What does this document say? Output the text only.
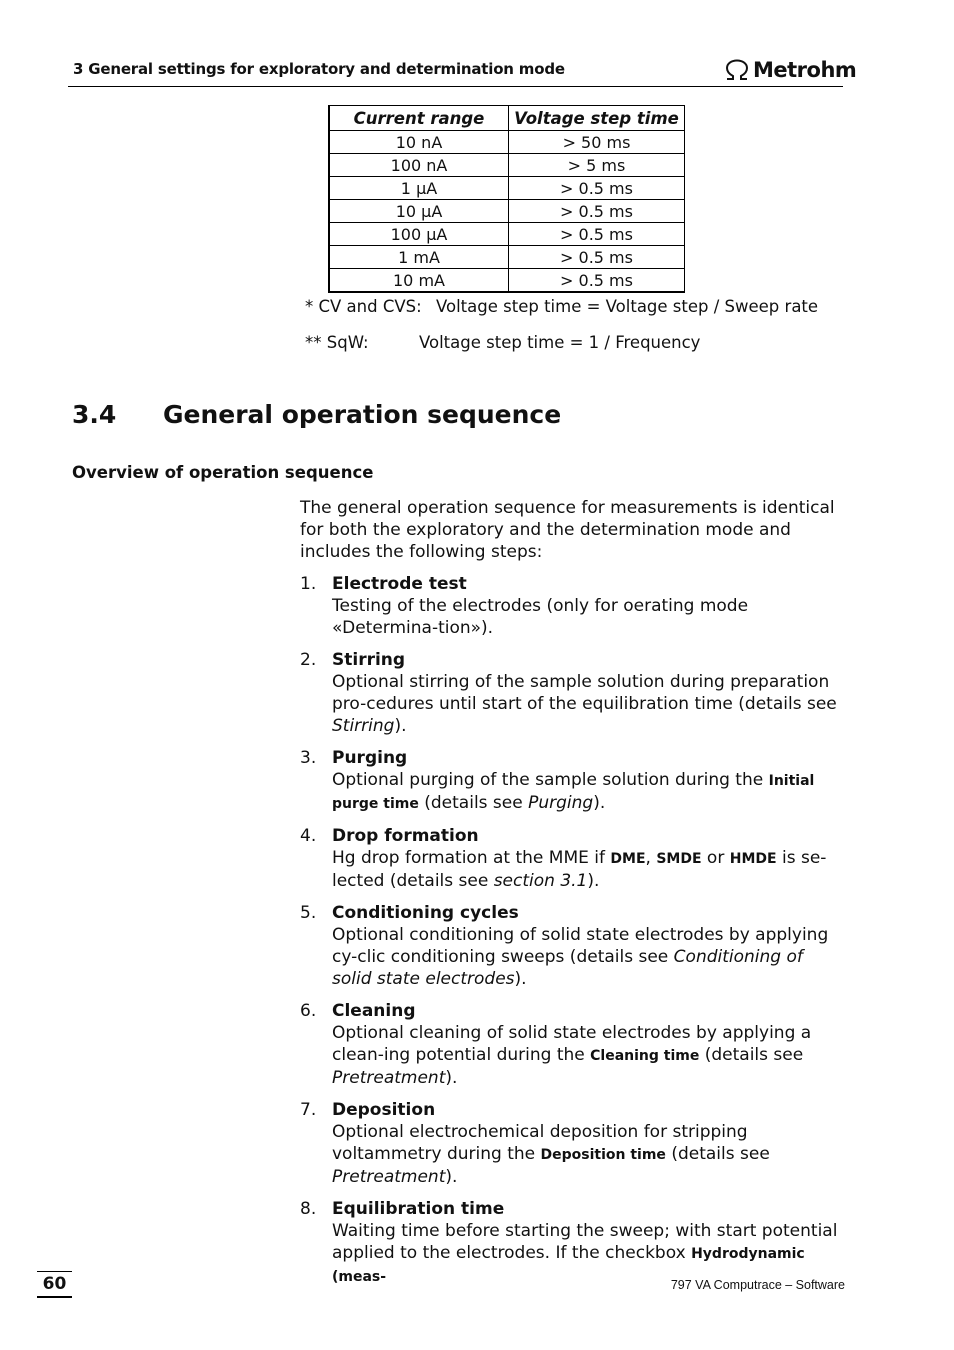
3 General settings for exploratory and determination mode	Metrohm
Current range	Voltage step time
10 nA	> 50 ms
100 nA	> 5 ms
1 μA	> 0.5 ms
10 μA	> 0.5 ms
100 μA	> 0.5 ms
1 mA	> 0.5 ms
10 mA	> 0.5 ms
* CV and CVS: Voltage step time = Voltage step / Sweep rate
** SqW:	Voltage step time = 1 / Frequency
3.4 General operation sequence
Overview of operation sequence
The general operation sequence for measurements is identical for both the exploratory and the determination mode and includes the following steps:
1. Electrode test
Testing of the electrodes (only for oerating mode «Determina-tion»).
2. Stirring
Optional stirring of the sample solution during preparation pro-cedures until start of the equilibration time (details see Stirring).
3. Purging
Optional purging of the sample solution during the Initial purge time (details see Purging).
4. Drop formation
Hg drop formation at the MME if DME, SMDE or HMDE is se-lected (details see section 3.1).
5. Conditioning cycles
Optional conditioning of solid state electrodes by applying cy-clic conditioning sweeps (details see Conditioning of solid state electrodes).
6. Cleaning
Optional cleaning of solid state electrodes by applying a clean-ing potential during the Cleaning time (details see Pretreatment).
7. Deposition
Optional electrochemical deposition for stripping voltammetry during the Deposition time (details see Pretreatment).
8. Equilibration time
Waiting time before starting the sweep; with start potential applied to the electrodes. If the checkbox Hydrodynamic (meas-
60	797 VA Computrace – Software
